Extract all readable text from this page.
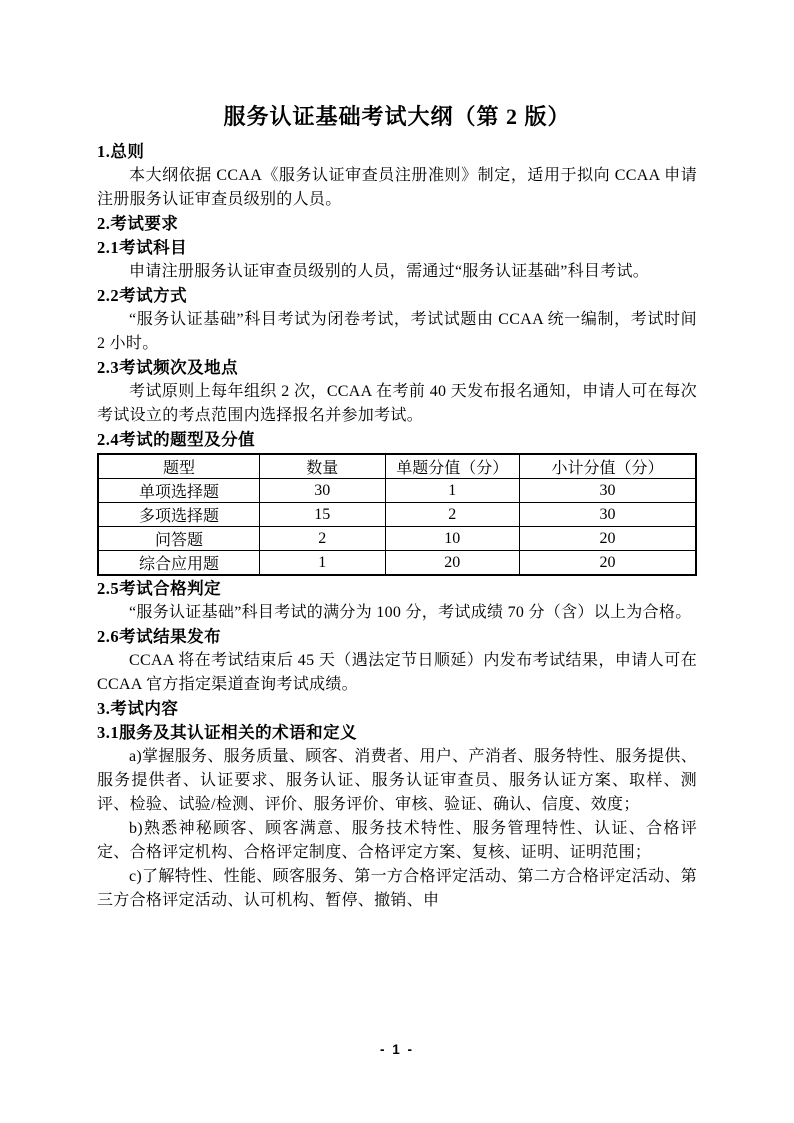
服务认证基础考试大纲（第 2 版）
1.总则

本大纲依据 CCAA《服务认证审查员注册准则》制定，适用于拟向 CCAA 申请注册服务认证审查员级别的人员。

2.考试要求
2.1考试科目

申请注册服务认证审查员级别的人员，需通过“服务认证基础”科目考试。

2.2考试方式

“服务认证基础”科目考试为闭卷考试，考试试题由 CCAA 统一编制，考试时间 2 小时。

2.3考试频次及地点

考试原则上每年组织 2 次，CCAA 在考前 40 天发布报名通知，申请人可在每次考试设立的考点范围内选择报名并参加考试。

2.4考试的题型及分值
题型	数量	单题分值（分）	小计分值（分）
单项选择题	30	1	30
多项选择题	15	2	30
问答题	2	10	20
综合应用题	1	20	20
2.5考试合格判定

“服务认证基础”科目考试的满分为 100 分，考试成绩 70 分（含）以上为合格。

2.6考试结果发布

CCAA 将在考试结束后 45 天（遇法定节日顺延）内发布考试结果，申请人可在 CCAA 官方指定渠道查询考试成绩。

3.考试内容
3.1服务及其认证相关的术语和定义

a)掌握服务、服务质量、顾客、消费者、用户、产消者、服务特性、服务提供、服务提供者、认证要求、服务认证、服务认证审查员、服务认证方案、取样、测评、检验、试验/检测、评价、服务评价、审核、验证、确认、信度、效度；

b)熟悉神秘顾客、顾客满意、服务技术特性、服务管理特性、认证、合格评定、合格评定机构、合格评定制度、合格评定方案、复核、证明、证明范围；

c)了解特性、性能、顾客服务、第一方合格评定活动、第二方合格评定活动、第三方合格评定活动、认可机构、暂停、撤销、申

- 1 -
